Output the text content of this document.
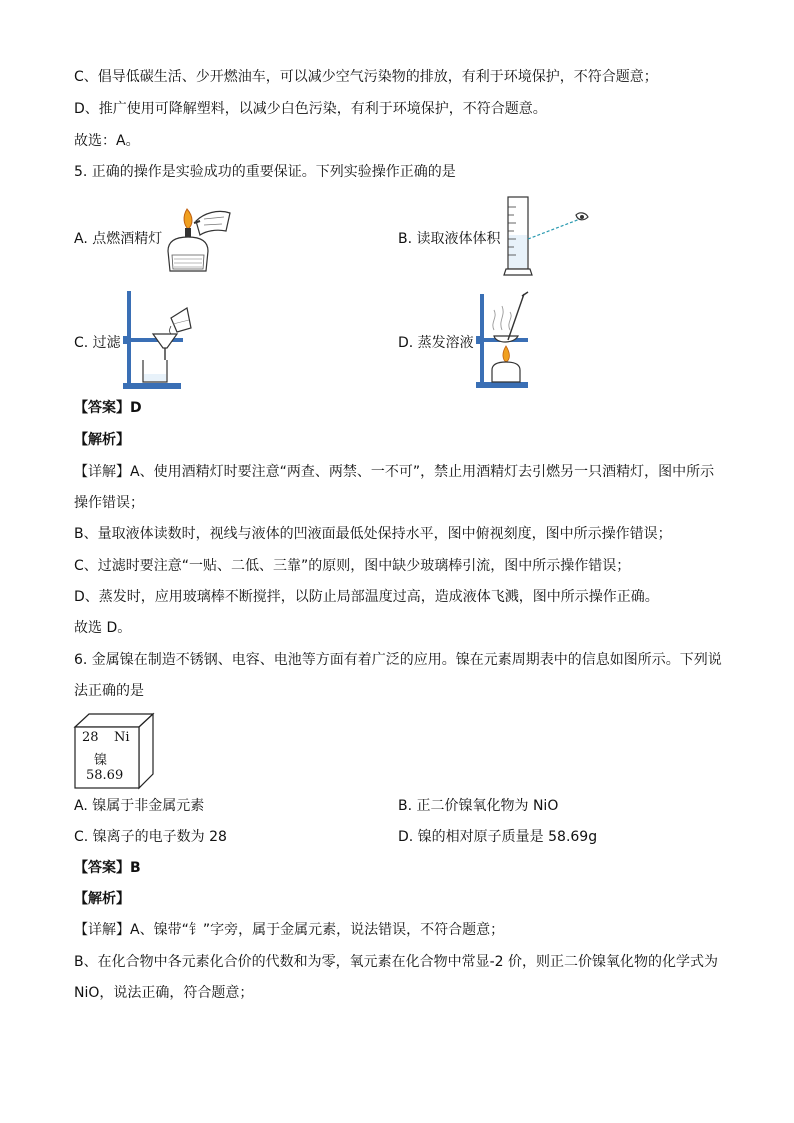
C、倡导低碳生活、少开燃油车，可以减少空气污染物的排放，有利于环境保护，不符合题意；
D、推广使用可降解塑料，以减少白色污染，有利于环境保护，不符合题意。
故选：A。
5. 正确的操作是实验成功的重要保证。下列实验操作正确的是
A. 点燃酒精灯	B. 读取液体体积
C. 过滤	D. 蒸发溶液
【答案】D
【解析】
【详解】A、使用酒精灯时要注意“两查、两禁、一不可”，禁止用酒精灯去引燃另一只酒精灯，图中所示
操作错误；
B、量取液体读数时，视线与液体的凹液面最低处保持水平，图中俯视刻度，图中所示操作错误；
C、过滤时要注意“一贴、二低、三靠”的原则，图中缺少玻璃棒引流，图中所示操作错误；
D、蒸发时，应用玻璃棒不断搅拌，以防止局部温度过高，造成液体飞溅，图中所示操作正确。
故选 D。
6. 金属镍在制造不锈钢、电容、电池等方面有着广泛的应用。镍在元素周期表中的信息如图所示。下列说
法正确的是
28 Ni
镍
58.69
A. 镍属于非金属元素	B. 正二价镍氧化物为 NiO
C. 镍离子的电子数为 28	D. 镍的相对原子质量是 58.69g
【答案】B
【解析】
【详解】A、镍带“钅”字旁，属于金属元素，说法错误，不符合题意；
B、在化合物中各元素化合价的代数和为零，氧元素在化合物中常显-2 价，则正二价镍氧化物的化学式为
NiO，说法正确，符合题意；
